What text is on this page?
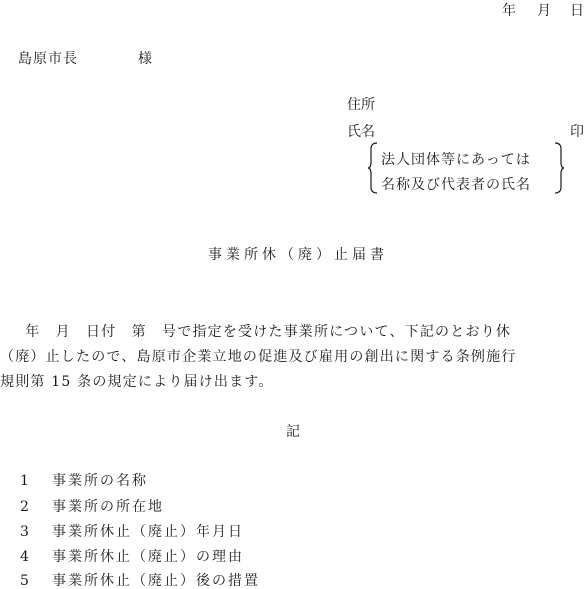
年 月 日
島原市長	様
住所
氏名	印
法人団体等にあっては
名称及び代表者の氏名
事業所休（廃）止届書
　年　月　日付　第　号で指定を受けた事業所について、下記のとおり休
（廃）止したので、島原市企業立地の促進及び雇用の創出に関する条例施行
規則第 15 条の規定により届け出ます。
記
1 事業所の名称
2 事業所の所在地
3 事業所休止（廃止）年月日
4 事業所休止（廃止）の理由
5 事業所休止（廃止）後の措置
